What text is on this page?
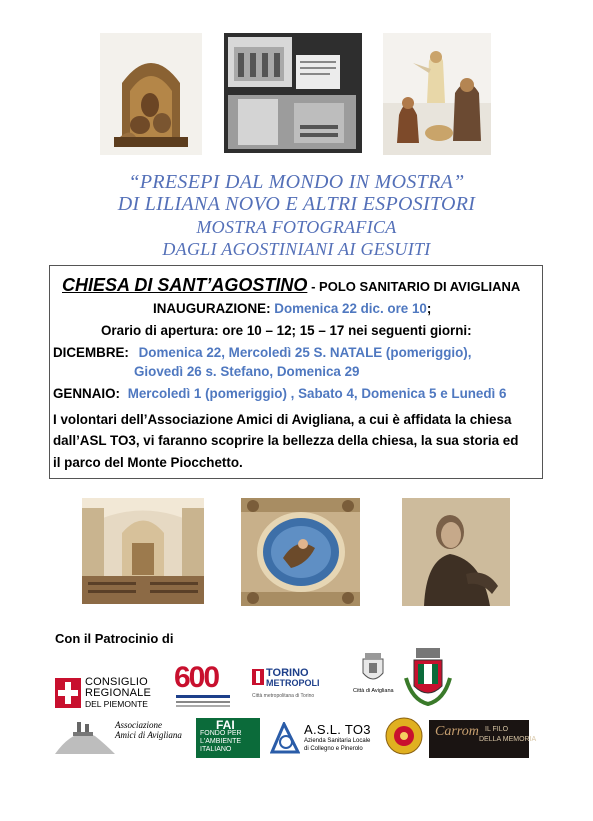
“PRESEPI DAL MONDO IN MOSTRA”
DI LILIANA NOVO E ALTRI ESPOSITORI
MOSTRA FOTOGRAFICA
DAGLI AGOSTINIANI AI GESUITI
CHIESA DI SANT’AGOSTINO - POLO SANITARIO DI AVIGLIANA
INAUGURAZIONE: Domenica 22 dic. ore 10;
Orario di apertura: ore 10 – 12; 15 – 17 nei seguenti giorni:
DICEMBRE: Domenica 22, Mercoledì 25 S. NATALE (pomeriggio),
Giovedì 26 s. Stefano, Domenica 29
GENNAIO: Mercoledì 1 (pomeriggio) , Sabato 4, Domenica 5 e Lunedì 6
I volontari dell’Associazione Amici di Avigliana, a cui è affidata la chiesa
dall’ASL TO3, vi faranno scoprire la bellezza della chiesa, la sua storia ed
il parco del Monte Piocchetto.
Con il Patrocinio di
CONSIGLIO
REGIONALE
DEL PIEMONTE
600	TORINO
METROPOLI
Città metropolitana di Torino
Città di Avigliana
Associazione
Amici di Avigliana
FAI
FONDO PER
L'AMBIENTE
ITALIANO
A.S.L. TO3
Azienda Sanitaria Locale
di Collegno e Pinerolo
Carrom IL FILO
DELLA MEMORIA
